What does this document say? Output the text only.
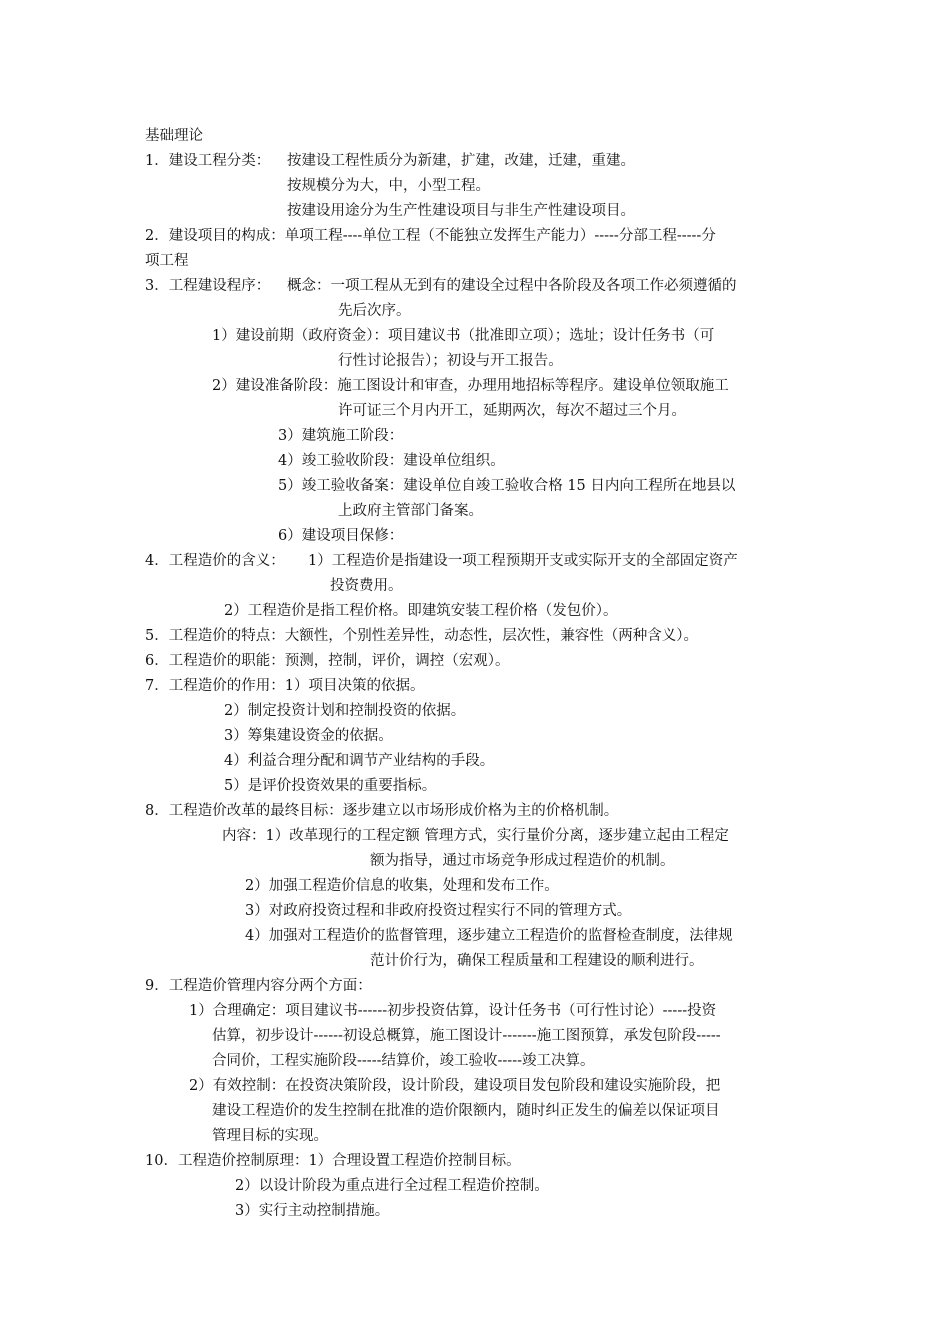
基础理论
1．建设工程分类： 按建设工程性质分为新建，扩建，改建，迁建，重建。
按规模分为大，中，小型工程。
按建设用途分为生产性建设项目与非生产性建设项目。
2．建设项目的构成：单项工程----单位工程（不能独立发挥生产能力）-----分部工程-----分
项工程
3．工程建设程序： 概念：一项工程从无到有的建设全过程中各阶段及各项工作必须遵循的
先后次序。
1）建设前期（政府资金）：项目建议书（批准即立项）；选址；设计任务书（可
行性讨论报告）；初设与开工报告。
2）建设准备阶段：施工图设计和审查，办理用地招标等程序。建设单位领取施工
许可证三个月内开工，延期两次，每次不超过三个月。
3）建筑施工阶段：
4）竣工验收阶段：建设单位组织。
5）竣工验收备案：建设单位自竣工验收合格 15 日内向工程所在地县以
上政府主管部门备案。
6）建设项目保修：
4．工程造价的含义： 1）工程造价是指建设一项工程预期开支或实际开支的全部固定资产
投资费用。
2）工程造价是指工程价格。即建筑安装工程价格（发包价）。
5．工程造价的特点：大额性，个别性差异性，动态性，层次性，兼容性（两种含义）。
6．工程造价的职能：预测，控制，评价，调控（宏观）。
7．工程造价的作用：1）项目决策的依据。
2）制定投资计划和控制投资的依据。
3）筹集建设资金的依据。
4）利益合理分配和调节产业结构的手段。
5）是评价投资效果的重要指标。
8．工程造价改革的最终目标：逐步建立以市场形成价格为主的价格机制。
内容：1）改革现行的工程定额 管理方式，实行量价分离，逐步建立起由工程定
额为指导，通过市场竞争形成过程造价的机制。
2）加强工程造价信息的收集，处理和发布工作。
3）对政府投资过程和非政府投资过程实行不同的管理方式。
4）加强对工程造价的监督管理，逐步建立工程造价的监督检查制度，法律规
范计价行为，确保工程质量和工程建设的顺利进行。
9．工程造价管理内容分两个方面：
1）合理确定：项目建议书------初步投资估算，设计任务书（可行性讨论）-----投资
估算，初步设计------初设总概算，施工图设计-------施工图预算，承发包阶段-----
合同价，工程实施阶段-----结算价，竣工验收-----竣工决算。
2）有效控制：在投资决策阶段，设计阶段，建设项目发包阶段和建设实施阶段，把
建设工程造价的发生控制在批准的造价限额内，随时纠正发生的偏差以保证项目
管理目标的实现。
10．工程造价控制原理：1）合理设置工程造价控制目标。
2）以设计阶段为重点进行全过程工程造价控制。
3）实行主动控制措施。
